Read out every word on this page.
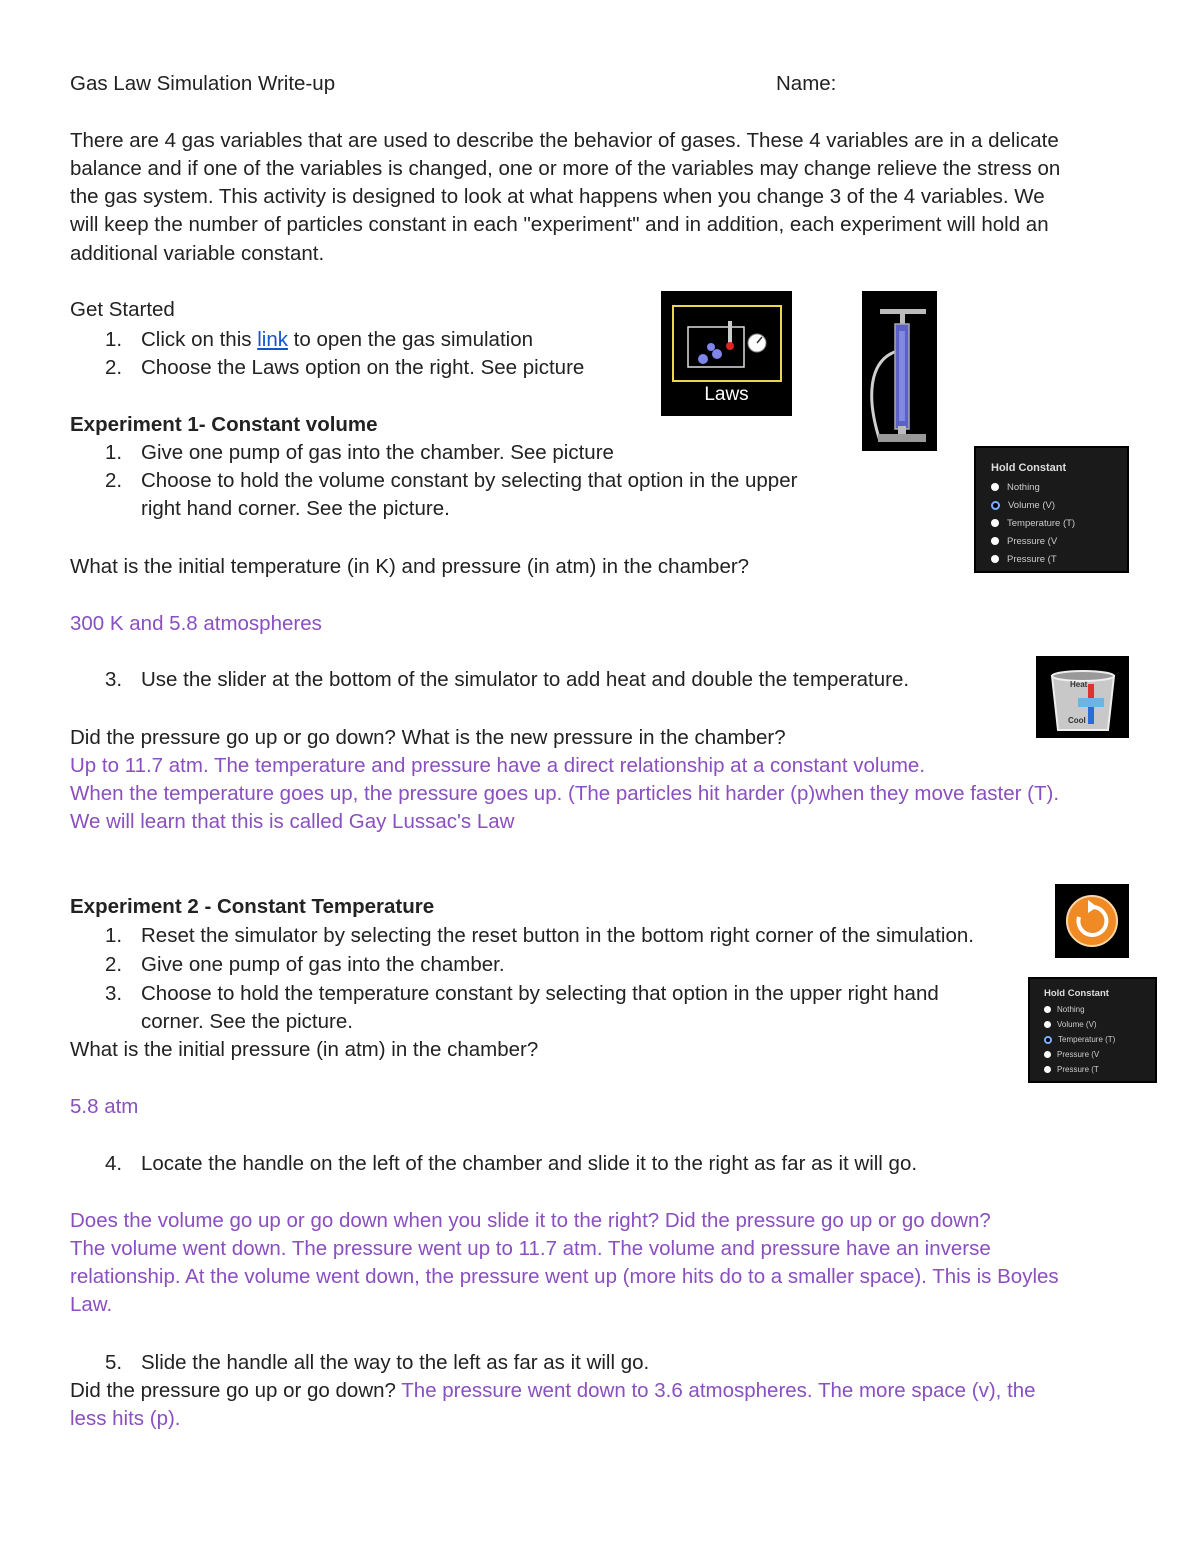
Gas Law Simulation Write-up	Name:

There are 4 gas variables that are used to describe the behavior of gases. These 4 variables are in a delicate

balance and if one of the variables is changed, one or more of the variables may change relieve the stress on

the gas system. This activity is designed to look at what happens when you change 3 of the 4 variables. We

will keep the number of particles constant in each "experiment" and in addition, each experiment will hold an

additional variable constant.

Get Started

1. Click on this link to open the gas simulation

2. Choose the Laws option on the right. See picture

Experiment 1- Constant volume

1. Give one pump of gas into the chamber. See picture

2. Choose to hold the volume constant by selecting that option in the upper

right hand corner. See the picture.

What is the initial temperature (in K) and pressure (in atm) in the chamber?

300 K and 5.8 atmospheres

3. Use the slider at the bottom of the simulator to add heat and double the temperature.

Did the pressure go up or go down? What is the new pressure in the chamber?

Up to 11.7 atm. The temperature and pressure have a direct relationship at a constant volume.

When the temperature goes up, the pressure goes up. (The particles hit harder (p)when they move faster (T).

We will learn that this is called Gay Lussac's Law

Experiment 2 - Constant Temperature

1. Reset the simulator by selecting the reset button in the bottom right corner of the simulation.

2. Give one pump of gas into the chamber.

3. Choose to hold the temperature constant by selecting that option in the upper right hand

corner. See the picture.

What is the initial pressure (in atm) in the chamber?

5.8 atm

4. Locate the handle on the left of the chamber and slide it to the right as far as it will go.

Does the volume go up or go down when you slide it to the right? Did the pressure go up or go down?

The volume went down. The pressure went up to 11.7 atm. The volume and pressure have an inverse

relationship. At the volume went down, the pressure went up (more hits do to a smaller space). This is Boyles

Law.

5. Slide the handle all the way to the left as far as it will go.

Did the pressure go up or go down? The pressure went down to 3.6 atmospheres. The more space (v), the

less hits (p).

Laws
Hold Constant
Nothing
Volume (V)
Temperature (T)
Pressure (V
Pressure (T
Heat
Cool
Hold Constant
Nothing
Volume (V)
Temperature (T)
Pressure (V
Pressure (T
